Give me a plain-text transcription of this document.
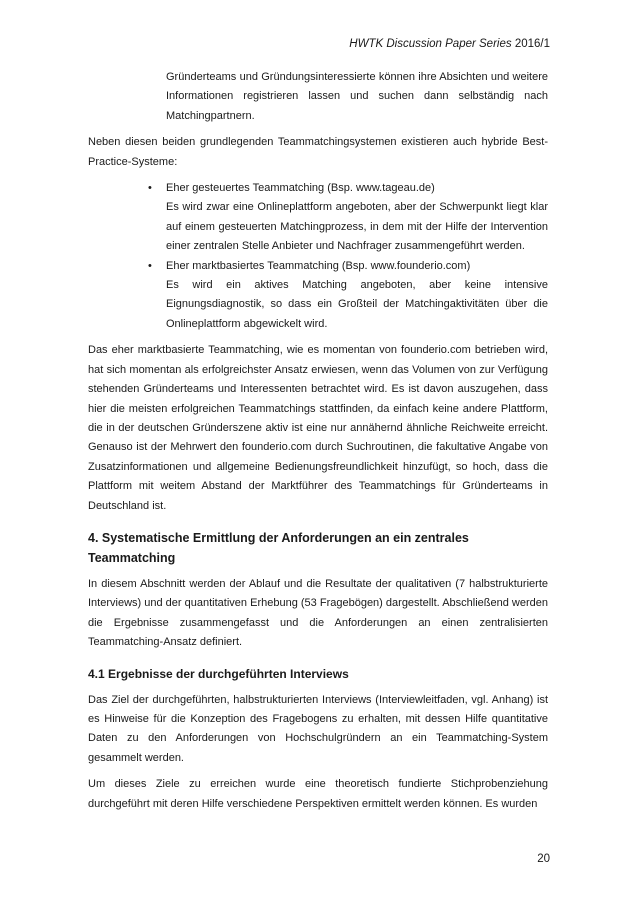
HWTK Discussion Paper Series 2016/1

Gründerteams und Gründungsinteressierte können ihre Absichten und weitere Informationen registrieren lassen und suchen dann selbständig nach Matchingpartnern.

Neben diesen beiden grundlegenden Teammatchingsystemen existieren auch hybride Best-Practice-Systeme:

• Eher gesteuertes Teammatching (Bsp. www.tageau.de)
Es wird zwar eine Onlineplattform angeboten, aber der Schwerpunkt liegt klar auf einem gesteuerten Matchingprozess, in dem mit der Hilfe der Intervention einer zentralen Stelle Anbieter und Nachfrager zusammengeführt werden.
• Eher marktbasiertes Teammatching (Bsp. www.founderio.com)
Es wird ein aktives Matching angeboten, aber keine intensive Eignungsdiagnostik, so dass ein Großteil der Matchingaktivitäten über die Onlineplattform abgewickelt wird.

Das eher marktbasierte Teammatching, wie es momentan von founderio.com betrieben wird, hat sich momentan als erfolgreichster Ansatz erwiesen, wenn das Volumen von zur Verfügung stehenden Gründerteams und Interessenten betrachtet wird. Es ist davon auszugehen, dass hier die meisten erfolgreichen Teammatchings stattfinden, da einfach keine andere Plattform, die in der deutschen Gründerszene aktiv ist eine nur annähernd ähnliche Reichweite erreicht. Genauso ist der Mehrwert den founderio.com durch Suchroutinen, die fakultative Angabe von Zusatzinformationen und allgemeine Bedienungsfreundlichkeit hinzufügt, so hoch, dass die Plattform mit weitem Abstand der Marktführer des Teammatchings für Gründerteams in Deutschland ist.

4. Systematische Ermittlung der Anforderungen an ein zentrales Teammatching

In diesem Abschnitt werden der Ablauf und die Resultate der qualitativen (7 halbstrukturierte Interviews) und der quantitativen Erhebung (53 Fragebögen) dargestellt. Abschließend werden die Ergebnisse zusammengefasst und die Anforderungen an einen zentralisierten Teammatching-Ansatz definiert.

4.1 Ergebnisse der durchgeführten Interviews

Das Ziel der durchgeführten, halbstrukturierten Interviews (Interviewleitfaden, vgl. Anhang) ist es Hinweise für die Konzeption des Fragebogens zu erhalten, mit dessen Hilfe quantitative Daten zu den Anforderungen von Hochschulgründern an ein Teammatching-System gesammelt werden.

Um dieses Ziele zu erreichen wurde eine theoretisch fundierte Stichprobenziehung durchgeführt mit deren Hilfe verschiedene Perspektiven ermittelt werden können. Es wurden

20
